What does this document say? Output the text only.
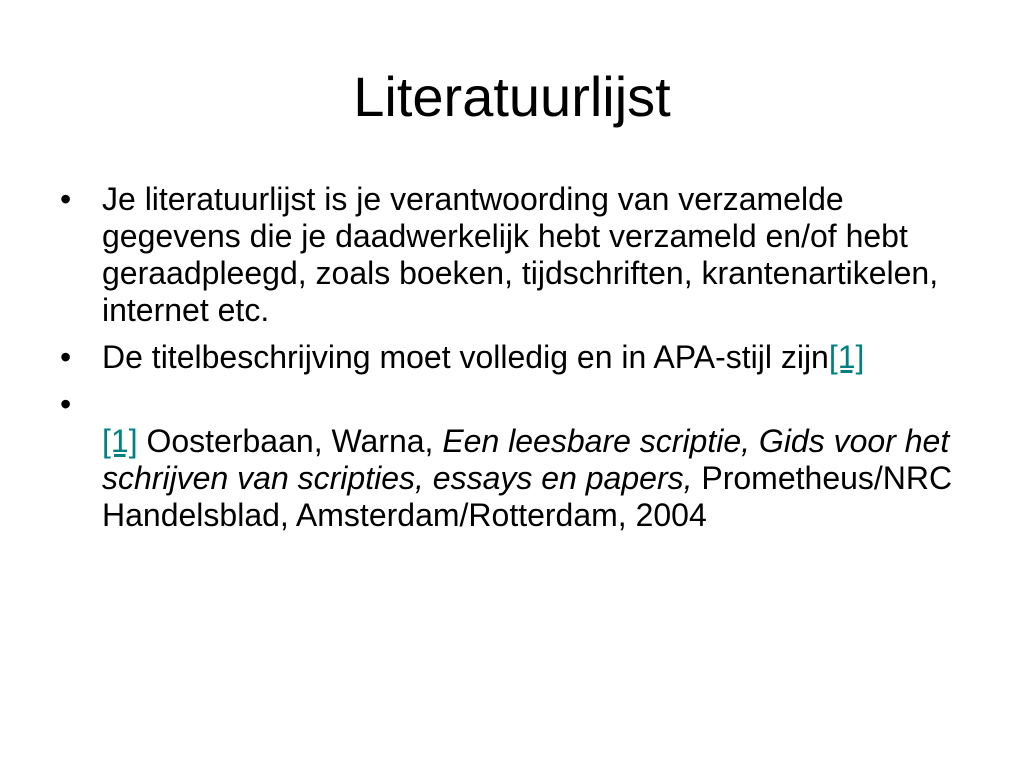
Literatuurlijst
• Je literatuurlijst is je verantwoording van verzamelde gegevens die je daadwerkelijk hebt verzameld en/of hebt geraadpleegd, zoals boeken, tijdschriften, krantenartikelen, internet etc.
• De titelbeschrijving moet volledig en in APA-stijl zijn[1]
•
[1] Oosterbaan, Warna, Een leesbare scriptie, Gids voor het schrijven van scripties, essays en papers, Prometheus/NRC Handelsblad, Amsterdam/Rotterdam, 2004
